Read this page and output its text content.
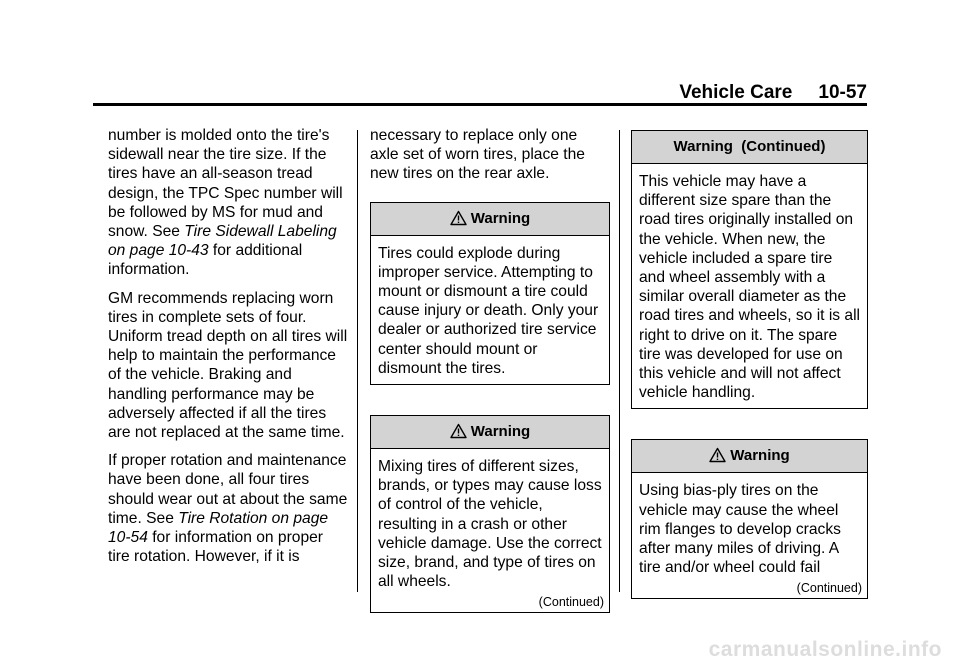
Vehicle Care 10-57

number is molded onto the tire's sidewall near the tire size. If the tires have an all-season tread design, the TPC Spec number will be followed by MS for mud and snow. See Tire Sidewall Labeling on page 10-43 for additional information.

GM recommends replacing worn tires in complete sets of four. Uniform tread depth on all tires will help to maintain the performance of the vehicle. Braking and handling performance may be adversely affected if all the tires are not replaced at the same time.

If proper rotation and maintenance have been done, all four tires should wear out at about the same time. See Tire Rotation on page 10-54 for information on proper tire rotation. However, if it is

necessary to replace only one axle set of worn tires, place the new tires on the rear axle.

Warning
Tires could explode during improper service. Attempting to mount or dismount a tire could cause injury or death. Only your dealer or authorized tire service center should mount or dismount the tires.
Warning
Mixing tires of different sizes, brands, or types may cause loss of control of the vehicle, resulting in a crash or other vehicle damage. Use the correct size, brand, and type of tires on all wheels.
(Continued)
Warning  (Continued)
This vehicle may have a different size spare than the road tires originally installed on the vehicle. When new, the vehicle included a spare tire and wheel assembly with a similar overall diameter as the road tires and wheels, so it is all right to drive on it. The spare tire was developed for use on this vehicle and will not affect vehicle handling.
Warning
Using bias-ply tires on the vehicle may cause the wheel rim flanges to develop cracks after many miles of driving. A tire and/or wheel could fail
(Continued)
carmanualsonline.info
